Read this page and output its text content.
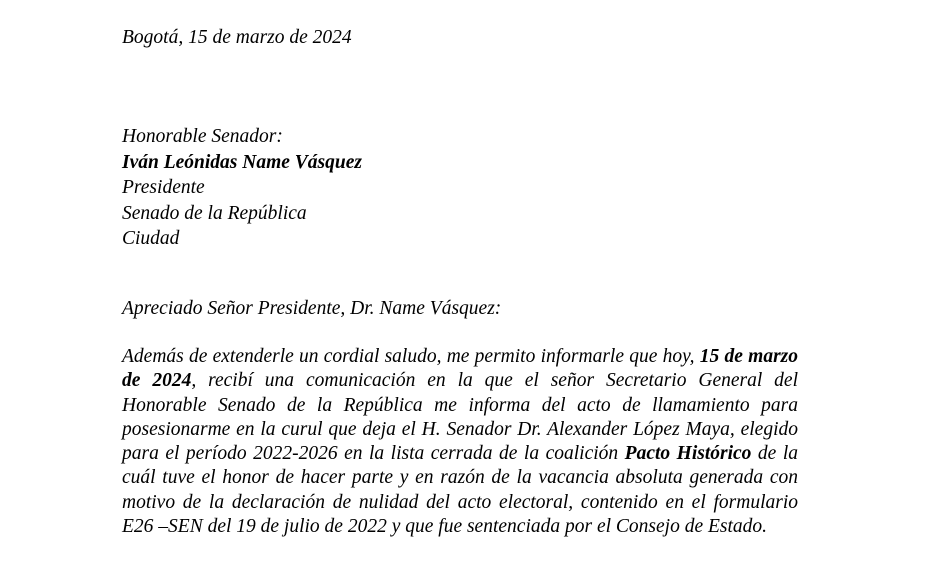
Bogotá, 15 de marzo de 2024
Honorable Senador:
Iván Leónidas Name Vásquez
Presidente
Senado de la República
Ciudad
Apreciado Señor Presidente, Dr. Name Vásquez:
Además de extenderle un cordial saludo, me permito informarle que hoy, 15 de marzo de 2024, recibí una comunicación en la que el señor Secretario General del Honorable Senado de la República me informa del acto de llamamiento para posesionarme en la curul que deja el H. Senador Dr. Alexander López Maya, elegido para el período 2022-2026 en la lista cerrada de la coalición Pacto Histórico de la cuál tuve el honor de hacer parte y en razón de la vacancia absoluta generada con motivo de la declaración de nulidad del acto electoral, contenido en el formulario E26 –SEN del 19 de julio de 2022 y que fue sentenciada por el Consejo de Estado.
